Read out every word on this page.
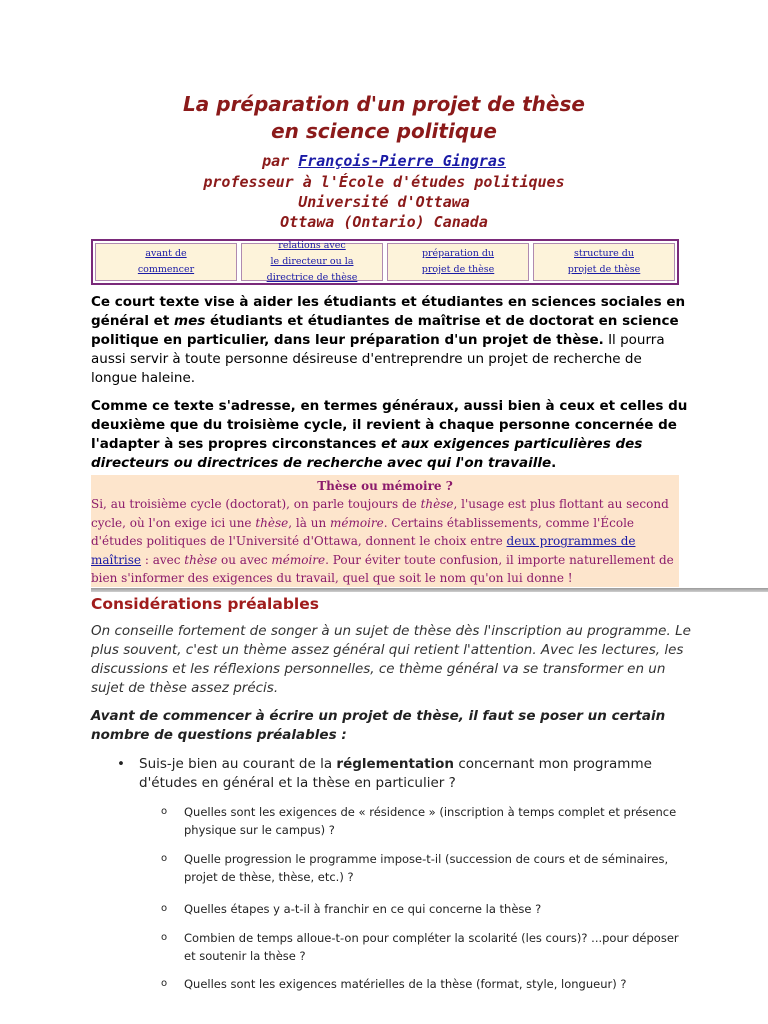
La préparation d'un projet de thèse
en science politique
par François-Pierre Gingras
professeur à l'École d'études politiques
Université d'Ottawa
Ottawa (Ontario) Canada
avant de
commencer
relations avec
le directeur ou la
directrice de thèse
préparation du
projet de thèse
structure du
projet de thèse
Ce court texte vise à aider les étudiants et étudiantes en sciences sociales en général et mes étudiants et étudiantes de maîtrise et de doctorat en science politique en particulier, dans leur préparation d'un projet de thèse. Il pourra aussi servir à toute personne désireuse d'entreprendre un projet de recherche de longue haleine.
Comme ce texte s'adresse, en termes généraux, aussi bien à ceux et celles du deuxième que du troisième cycle, il revient à chaque personne concernée de l'adapter à ses propres circonstances et aux exigences particulières des directeurs ou directrices de recherche avec qui l'on travaille.
Thèse ou mémoire ?
Si, au troisième cycle (doctorat), on parle toujours de thèse, l'usage est plus flottant au second cycle, où l'on exige ici une thèse, là un mémoire. Certains établissements, comme l'École d'études politiques de l'Université d'Ottawa, donnent le choix entre deux programmes de maîtrise : avec thèse ou avec mémoire. Pour éviter toute confusion, il importe naturellement de bien s'informer des exigences du travail, quel que soit le nom qu'on lui donne !
Considérations préalables
On conseille fortement de songer à un sujet de thèse dès l'inscription au programme. Le plus souvent, c'est un thème assez général qui retient l'attention. Avec les lectures, les discussions et les réflexions personnelles, ce thème général va se transformer en un sujet de thèse assez précis.
Avant de commencer à écrire un projet de thèse, il faut se poser un certain nombre de questions préalables :
• Suis-je bien au courant de la réglementation concernant mon programme d'études en général et la thèse en particulier ?
o Quelles sont les exigences de « résidence » (inscription à temps complet et présence physique sur le campus) ?
o Quelle progression le programme impose-t-il (succession de cours et de séminaires, projet de thèse, thèse, etc.) ?
o Quelles étapes y a-t-il à franchir en ce qui concerne la thèse ?
o Combien de temps alloue-t-on pour compléter la scolarité (les cours)? ...pour déposer et soutenir la thèse ?
o Quelles sont les exigences matérielles de la thèse (format, style, longueur) ?
